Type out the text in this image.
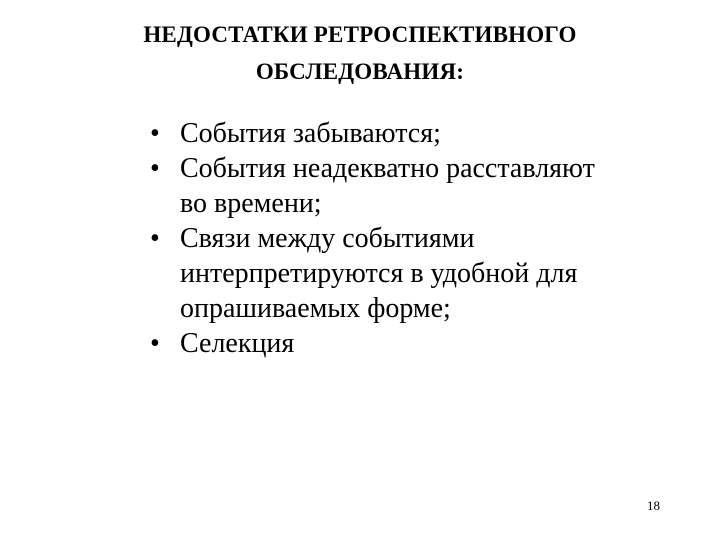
НЕДОСТАТКИ РЕТРОСПЕКТИВНОГО
ОБСЛЕДОВАНИЯ:
• События забываются;
• События неадекватно расставляют
во времени;
• Связи между событиями
интерпретируются в удобной для
опрашиваемых форме;
• Селекция
18
